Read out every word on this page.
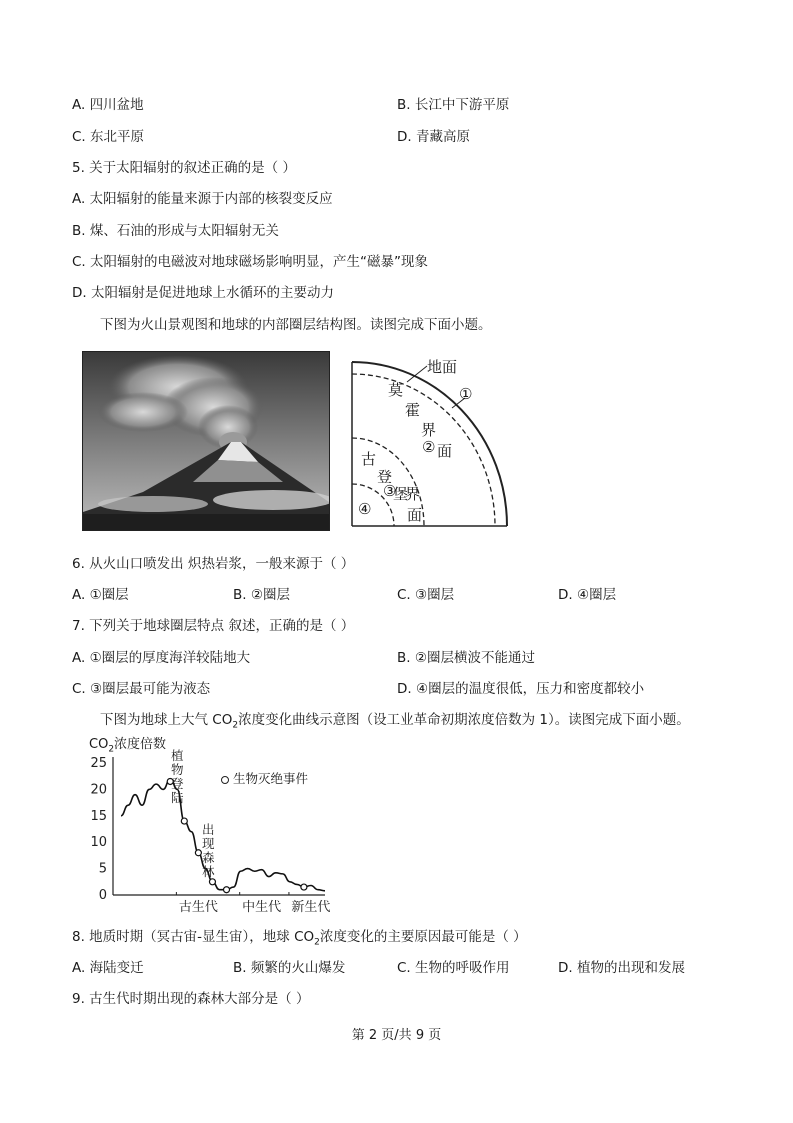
A. 四川盆地	B. 长江中下游平原
C. 东北平原	D. 青藏高原
5. 关于太阳辐射的叙述正确的是（ ）
A. 太阳辐射的能量来源于内部的核裂变反应
B. 煤、石油的形成与太阳辐射无关
C. 太阳辐射的电磁波对地球磁场影响明显，产生“磁暴”现象
D. 太阳辐射是促进地球上水循环的主要动力
下图为火山景观图和地球的内部圈层结构图。读图完成下面小题。
地面
莫
霍
界
面
①
②
古
登
堡
③ 界
面
④
6. 从火山口喷发出 炽热岩浆，一般来源于（ ）
A. ①圈层	B. ②圈层	C. ③圈层	D. ④圈层
7. 下列关于地球圈层特点 叙述，正确的是（ ）
A. ①圈层的厚度海洋较陆地大	B. ②圈层横波不能通过
C. ③圈层最可能为液态	D. ④圈层的温度很低，压力和密度都较小
下图为地球上大气 $CO_2$浓度变化曲线示意图（设工业革命初期浓度倍数为 1）。读图完成下面小题。
$CO_2$浓度倍数
25
20
15
10
5
0
古生代 中生代 新生代
植物登陆
出现森林
生物灭绝事件
8. 地质时期（冥古宙-显生宙），地球 $CO_2$浓度变化的主要原因最可能是（ ）
A. 海陆变迁	B. 频繁的火山爆发	C. 生物的呼吸作用	D. 植物的出现和发展
9. 古生代时期出现的森林大部分是（ ）
第 2 页/共 9 页
